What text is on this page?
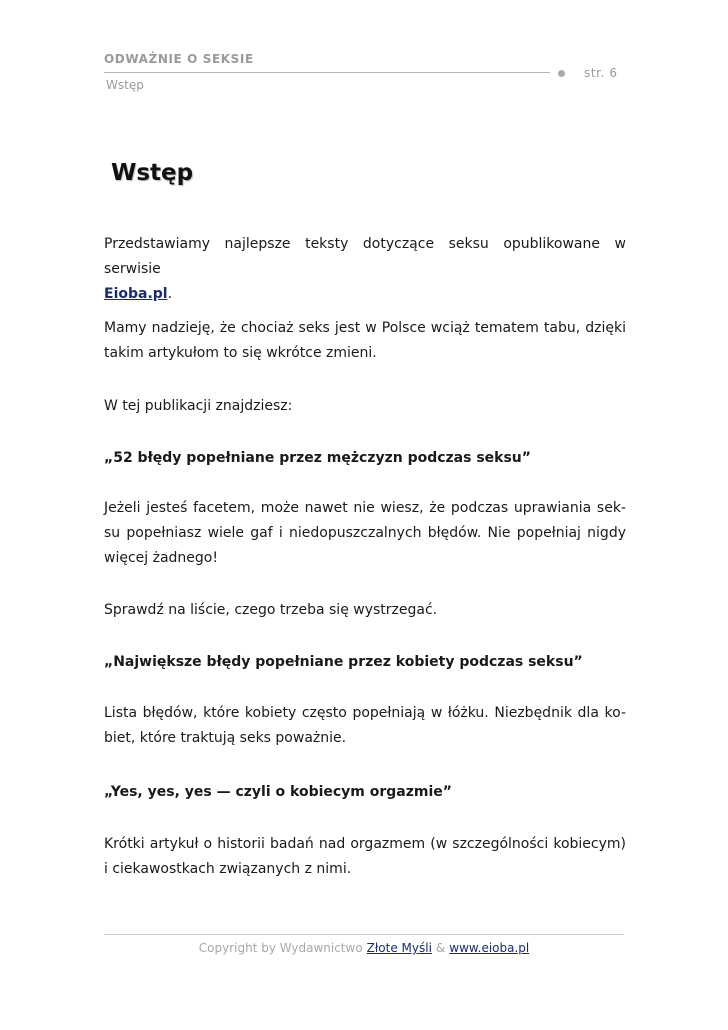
ODWAŻNIE O SEKSIE
str. 6
Wstęp
Wstęp
Przedstawiamy najlepsze teksty dotyczące seksu opublikowane w serwisie
Eioba.pl.
Mamy nadzieję, że chociaż seks jest w Polsce wciąż tematem tabu, dzięki
takim artykułom to się wkrótce zmieni.
W tej publikacji znajdziesz:
„52 błędy popełniane przez mężczyzn podczas seksu”
Jeżeli jesteś facetem, może nawet nie wiesz, że podczas uprawiania sek-
su popełniasz wiele gaf i niedopuszczalnych błędów. Nie popełniaj nigdy
więcej żadnego!
Sprawdź na liście, czego trzeba się wystrzegać.
„Największe błędy popełniane przez kobiety podczas seksu”
Lista błędów, które kobiety często popełniają w łóżku. Niezbędnik dla ko-
biet, które traktują seks poważnie.
„Yes, yes, yes — czyli o kobiecym orgazmie”
Krótki artykuł o historii badań nad orgazmem (w szczególności kobiecym)
i ciekawostkach związanych z nimi.
Copyright by Wydawnictwo Złote Myśli & www.eioba.pl
